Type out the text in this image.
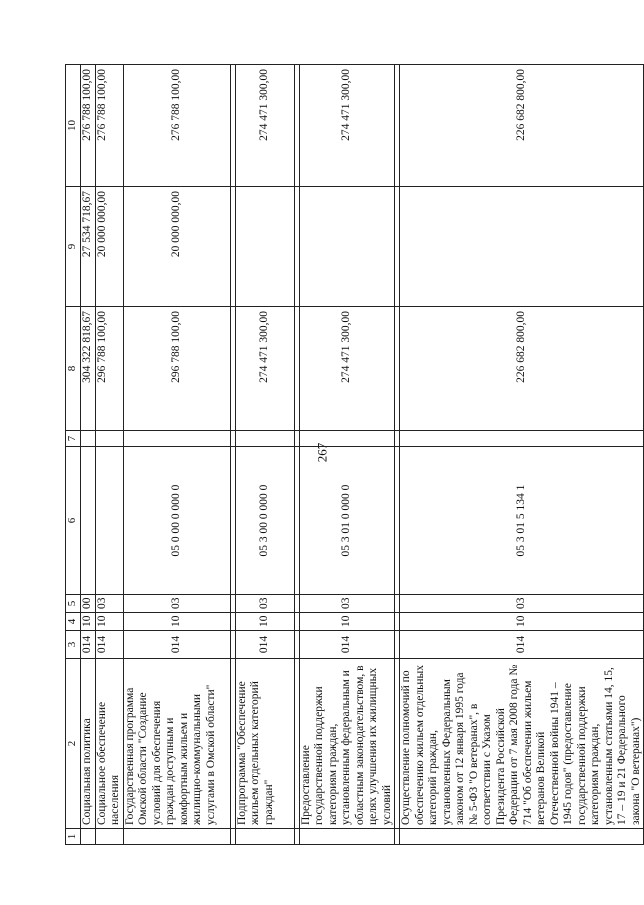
267
1	2	3	4	5	6	7	8	9	10
	Социальная политика	014	10	00			304 322 818,67	27 534 718,67	276 788 100,00
	Социальное обеспечение населения	014	10	03			296 788 100,00	20 000 000,00	276 788 100,00
	Государственная программа Омской области "Создание условий для обеспечения граждан доступным и комфортным жильем и жилищно-коммунальными услугами в Омской области"	014	10	03	05 0 00 0 000 0		296 788 100,00	20 000 000,00	276 788 100,00

	Подпрограмма "Обеспечение жильем отдельных категорий граждан"	014	10	03	05 3 00 0 000 0		274 471 300,00		274 471 300,00

	Предоставление государственной поддержки категориям граждан, установленным федеральным и областным законодательством, в целях улучшения их жилищных условий	014	10	03	05 3 01 0 000 0		274 471 300,00		274 471 300,00

	Осуществление полномочий по обеспечению жильем отдельных категорий граждан, установленных Федеральным законом от 12 января 1995 года № 5-ФЗ "О ветеранах", в соответствии с Указом Президента Российской Федерации от 7 мая 2008 года № 714 "Об обеспечении жильем ветеранов Великой Отечественной войны 1941 – 1945 годов" (предоставление государственной поддержки категориям граждан, установленным статьями 14, 15, 17 – 19 и 21 Федерального закона "О ветеранах")	014	10	03	05 3 01 5 134 1		226 682 800,00		226 682 800,00
